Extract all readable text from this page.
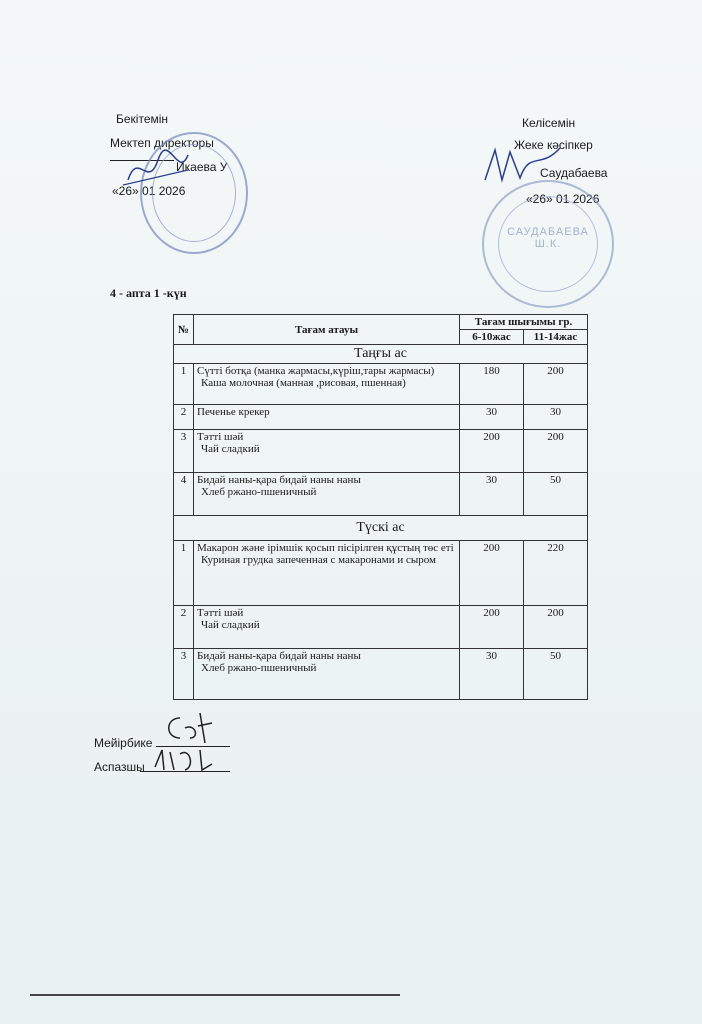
Бекітемін
Мектеп директоры
Икаева У
«26» 01 2026
Келісемін
Жеке кәсіпкер
Саудабаева
«26» 01 2026
САУДАБАЕВА Ш.К.
4 - апта 1 -күн
№	Тағам атауы	Тағам шығымы гр.	
		6-10жас	11-14жас
Таңғы ас			
1	Сүтті ботқа (манка жармасы,күріш,тары жармасы)
Каша молочная (манная ,рисовая, пшенная)	180	200
2	Печенье крекер	30	30
3	Тәтті шәй
Чай сладкий	200	200
4	Бидай наны-қара бидай наны наны
Хлеб ржано-пшеничный	30	50
Түскі ас			
1	Макарон және ірімшік қосып пісірілген құстың төс еті
Куриная грудка запеченная с макаронами и сыром	200	220
2	Тәтті шәй
Чай сладкий	200	200
3	Бидай наны-қара бидай наны наны
Хлеб ржано-пшеничный	30	50
Мейірбике
Аспазшы
